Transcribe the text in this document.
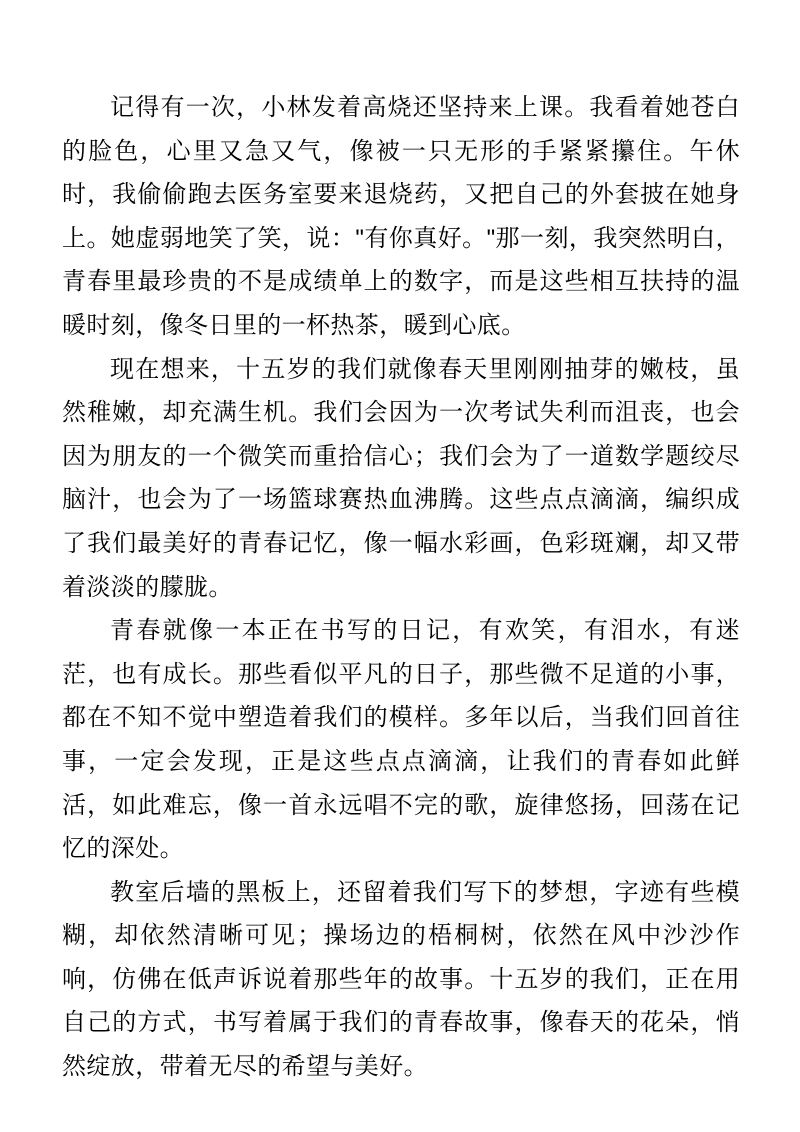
记得有一次，小林发着高烧还坚持来上课。我看着她苍白的脸色，心里又急又气，像被一只无形的手紧紧攥住。午休时，我偷偷跑去医务室要来退烧药，又把自己的外套披在她身上。她虚弱地笑了笑，说："有你真好。"那一刻，我突然明白，青春里最珍贵的不是成绩单上的数字，而是这些相互扶持的温暖时刻，像冬日里的一杯热茶，暖到心底。

现在想来，十五岁的我们就像春天里刚刚抽芽的嫩枝，虽然稚嫩，却充满生机。我们会因为一次考试失利而沮丧，也会因为朋友的一个微笑而重拾信心；我们会为了一道数学题绞尽脑汁，也会为了一场篮球赛热血沸腾。这些点点滴滴，编织成了我们最美好的青春记忆，像一幅水彩画，色彩斑斓，却又带着淡淡的朦胧。

青春就像一本正在书写的日记，有欢笑，有泪水，有迷茫，也有成长。那些看似平凡的日子，那些微不足道的小事，都在不知不觉中塑造着我们的模样。多年以后，当我们回首往事，一定会发现，正是这些点点滴滴，让我们的青春如此鲜活，如此难忘，像一首永远唱不完的歌，旋律悠扬，回荡在记忆的深处。

教室后墙的黑板上，还留着我们写下的梦想，字迹有些模糊，却依然清晰可见；操场边的梧桐树，依然在风中沙沙作响，仿佛在低声诉说着那些年的故事。十五岁的我们，正在用自己的方式，书写着属于我们的青春故事，像春天的花朵，悄然绽放，带着无尽的希望与美好。
